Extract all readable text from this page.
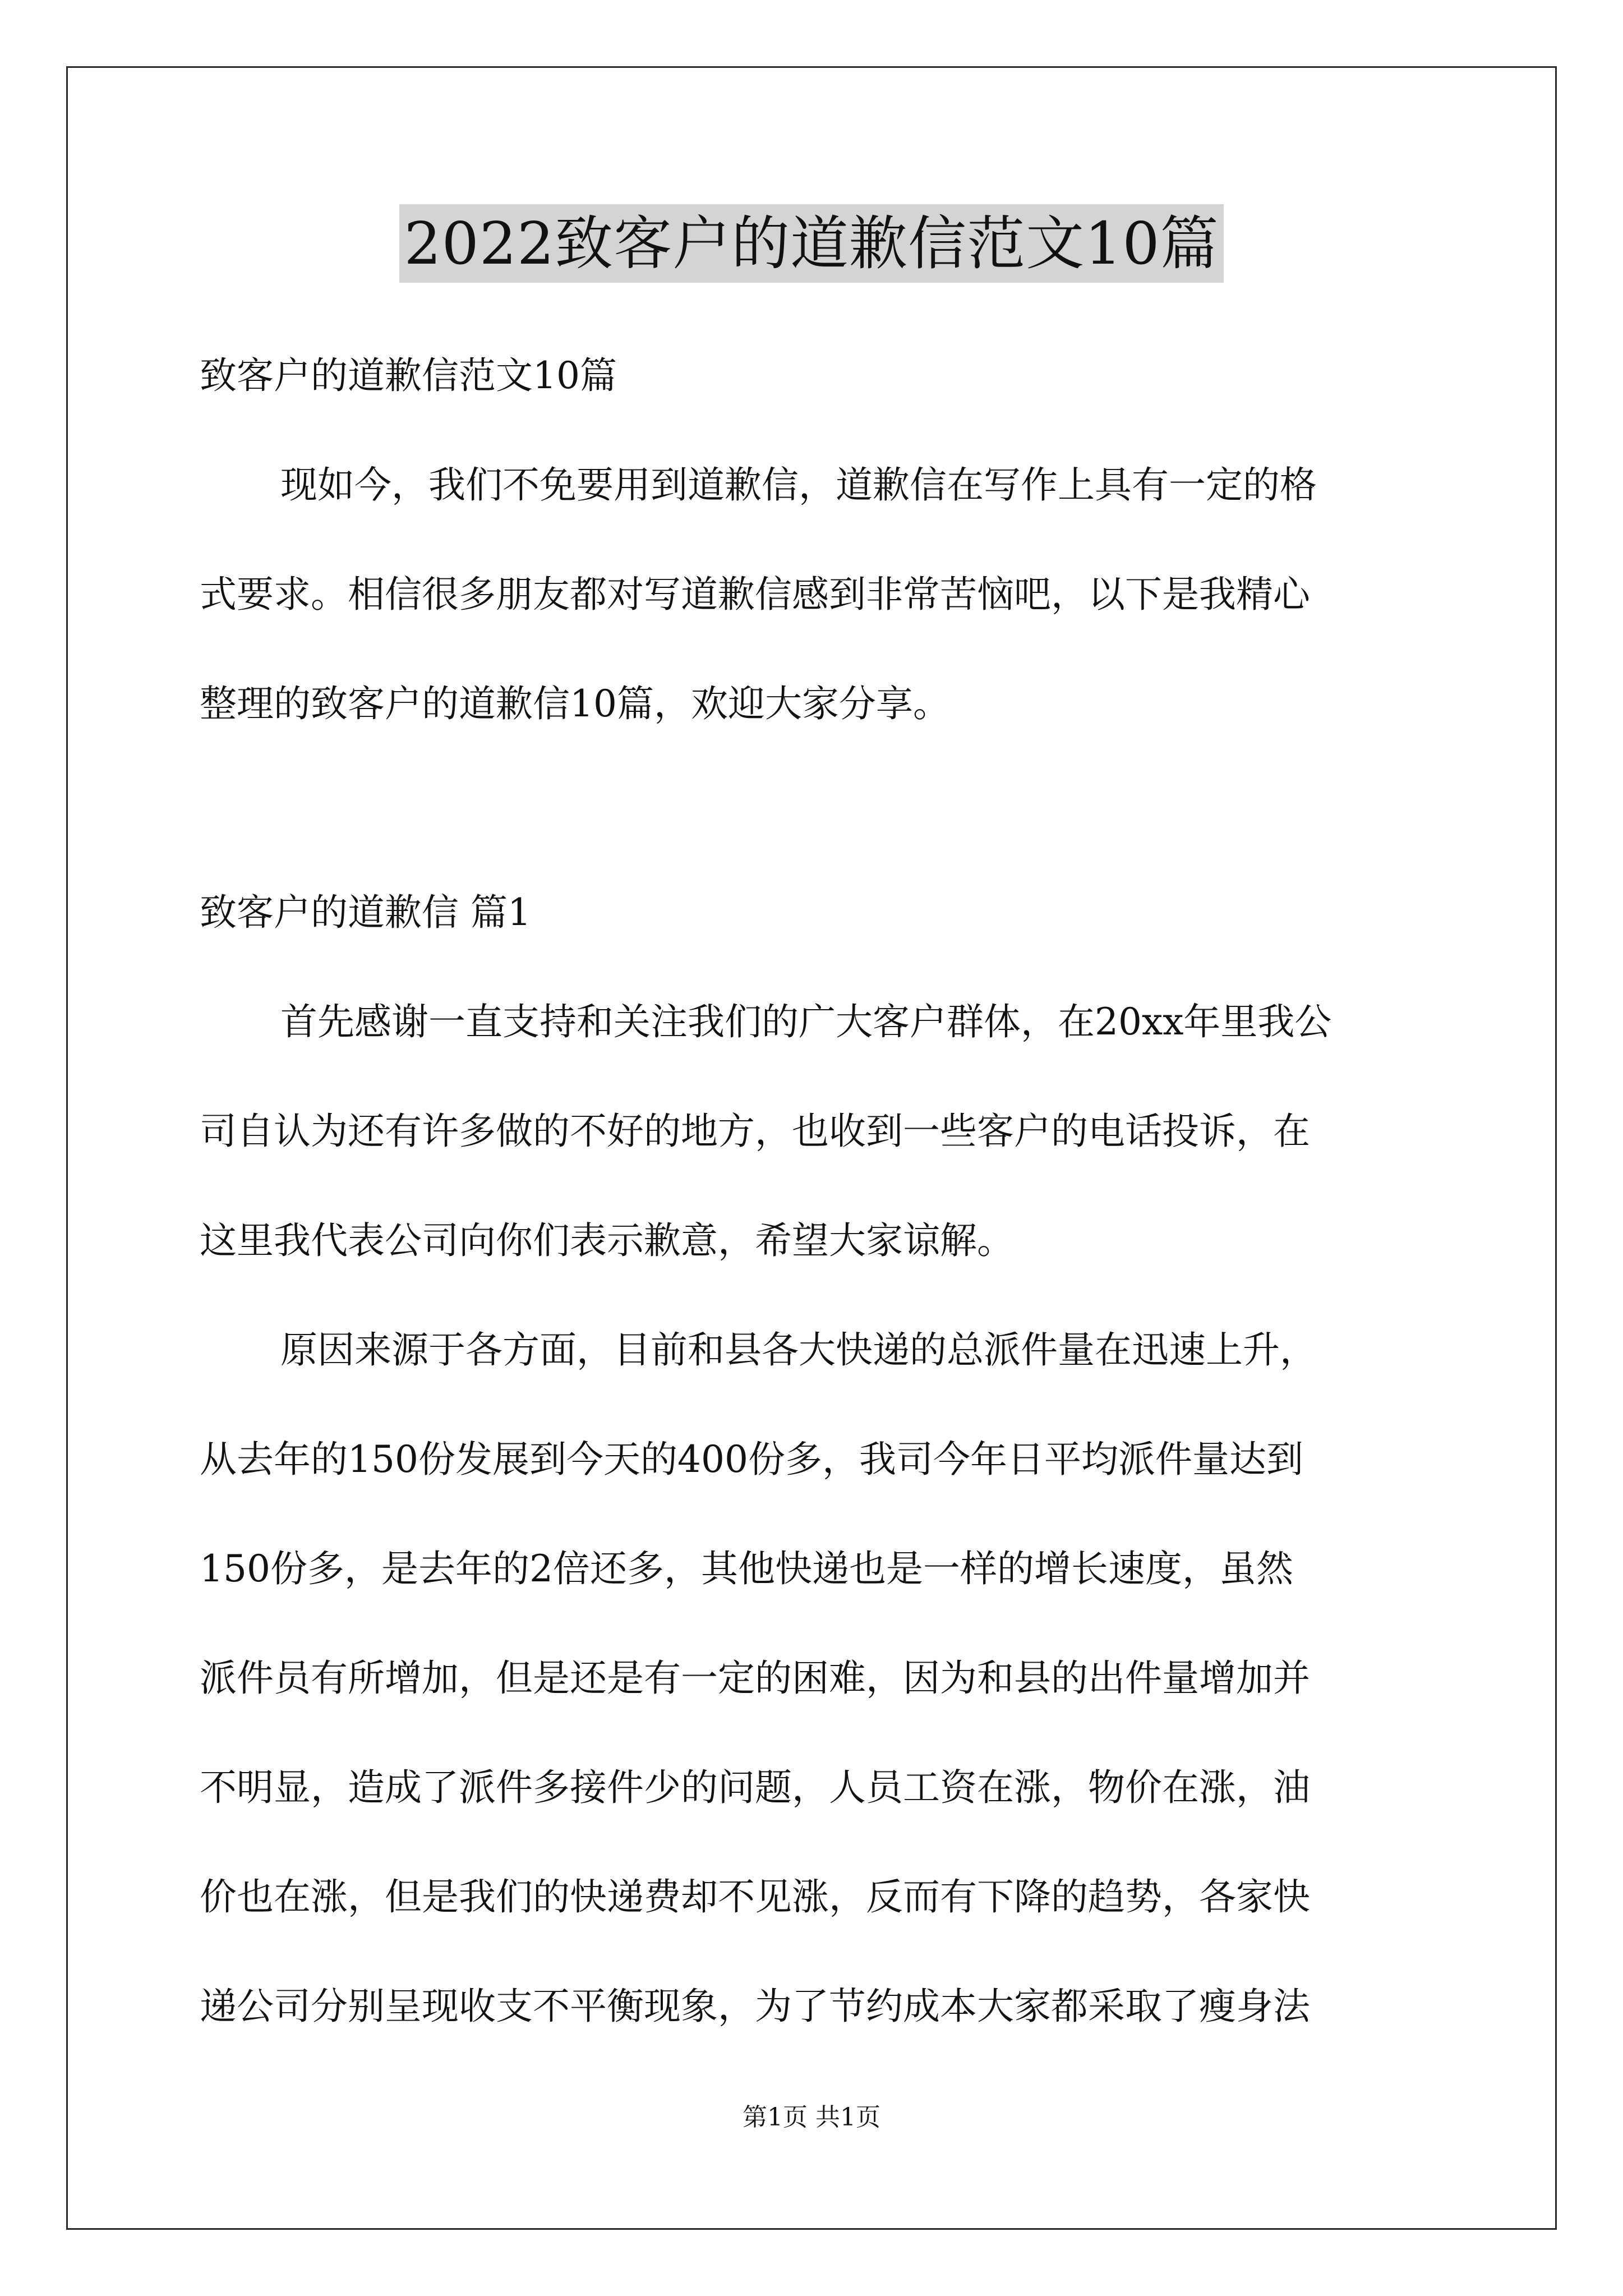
2022致客户的道歉信范文10篇
致客户的道歉信范文10篇
现如今，我们不免要用到道歉信，道歉信在写作上具有一定的格
式要求。相信很多朋友都对写道歉信感到非常苦恼吧，以下是我精心
整理的致客户的道歉信10篇，欢迎大家分享。
致客户的道歉信 篇1
首先感谢一直支持和关注我们的广大客户群体，在20xx年里我公
司自认为还有许多做的不好的地方，也收到一些客户的电话投诉，在
这里我代表公司向你们表示歉意，希望大家谅解。
原因来源于各方面，目前和县各大快递的总派件量在迅速上升，
从去年的150份发展到今天的400份多，我司今年日平均派件量达到
150份多，是去年的2倍还多，其他快递也是一样的增长速度，虽然
派件员有所增加，但是还是有一定的困难，因为和县的出件量增加并
不明显，造成了派件多接件少的问题，人员工资在涨，物价在涨，油
价也在涨，但是我们的快递费却不见涨，反而有下降的趋势，各家快
递公司分别呈现收支不平衡现象，为了节约成本大家都采取了瘦身法
第1页 共1页
